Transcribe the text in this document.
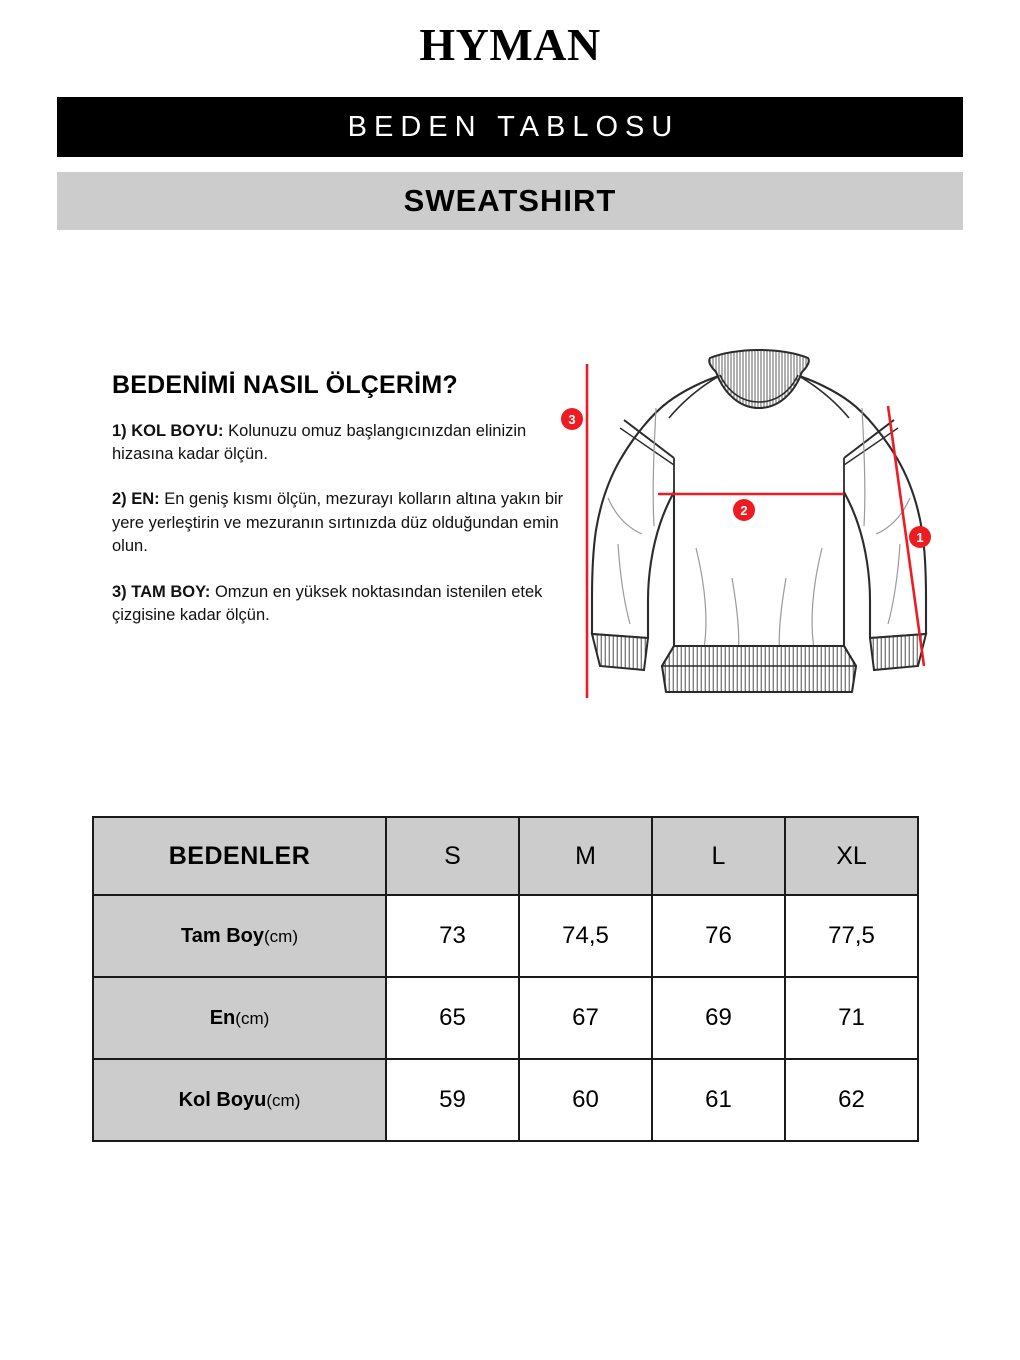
HYMAN
BEDEN TABLOSU
SWEATSHIRT
BEDENİMİ NASIL ÖLÇERİM?

1) KOL BOYU: Kolunuzu omuz başlangıcınızdan elinizin hizasına kadar ölçün.

2) EN: En geniş kısmı ölçün, mezurayı kolların altına yakın bir yere yerleştirin ve mezuranın sırtınızda düz olduğundan emin olun.

3) TAM BOY: Omzun en yüksek noktasından istenilen etek çizgisine kadar ölçün.

3
2
1
BEDENLER	S	M	L	XL
Tam Boy(cm)	73	74,5	76	77,5
En(cm)	65	67	69	71
Kol Boyu(cm)	59	60	61	62
